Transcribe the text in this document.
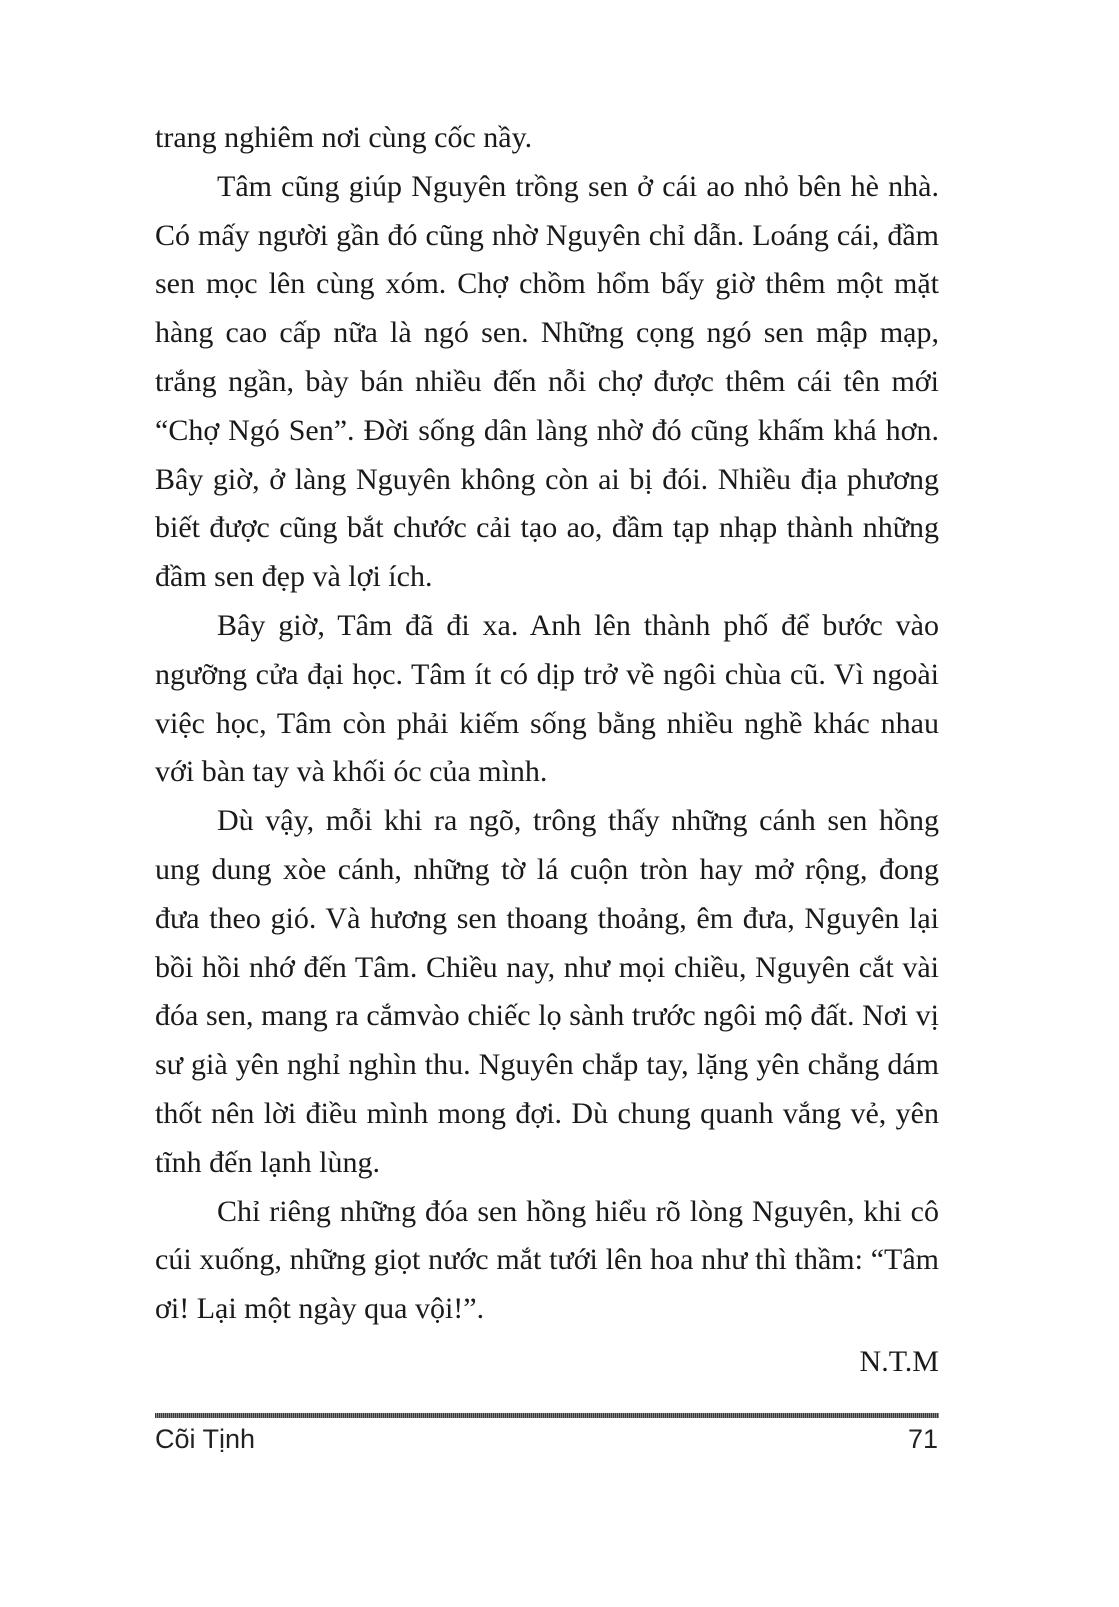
trang nghiêm nơi cùng cốc nầy.

Tâm cũng giúp Nguyên trồng sen ở cái ao nhỏ bên hè nhà. Có mấy người gần đó cũng nhờ Nguyên chỉ dẫn. Loáng cái, đầm sen mọc lên cùng xóm. Chợ chồm hổm bấy giờ thêm một mặt hàng cao cấp nữa là ngó sen. Những cọng ngó sen mập mạp, trắng ngần, bày bán nhiều đến nỗi chợ được thêm cái tên mới “Chợ Ngó Sen”. Đời sống dân làng nhờ đó cũng khấm khá hơn. Bây giờ, ở làng Nguyên không còn ai bị đói. Nhiều địa phương biết được cũng bắt chước cải tạo ao, đầm tạp nhạp thành những đầm sen đẹp và lợi ích.

Bây giờ, Tâm đã đi xa. Anh lên thành phố để bước vào ngưỡng cửa đại học. Tâm ít có dịp trở về ngôi chùa cũ. Vì ngoài việc học, Tâm còn phải kiếm sống bằng nhiều nghề khác nhau với bàn tay và khối óc của mình.

Dù vậy, mỗi khi ra ngõ, trông thấy những cánh sen hồng ung dung xòe cánh, những tờ lá cuộn tròn hay mở rộng, đong đưa theo gió. Và hương sen thoang thoảng, êm đưa, Nguyên lại bồi hồi nhớ đến Tâm. Chiều nay, như mọi chiều, Nguyên cắt vài đóa sen, mang ra cắmvào chiếc lọ sành trước ngôi mộ đất. Nơi vị sư già yên nghỉ nghìn thu. Nguyên chắp tay, lặng yên chẳng dám thốt nên lời điều mình mong đợi. Dù chung quanh vắng vẻ, yên tĩnh đến lạnh lùng.

Chỉ riêng những đóa sen hồng hiểu rõ lòng Nguyên, khi cô cúi xuống, những giọt nước mắt tưới lên hoa như thì thầm: “Tâm ơi! Lại một ngày qua vội!”.

N.T.M

Cõi Tịnh	71
